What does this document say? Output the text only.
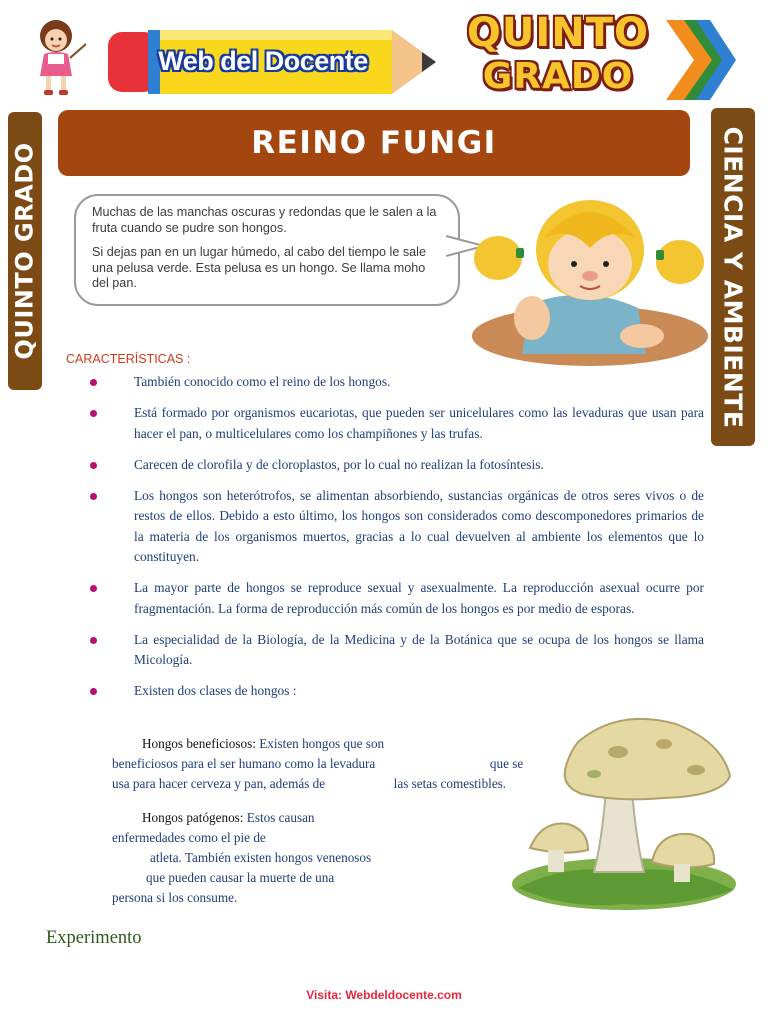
Web del Docente
QUINTO
GRADO
QUINTO GRADO	CIENCIA Y AMBIENTE
REINO FUNGI

Muchas de las manchas oscuras y redondas que le salen a la fruta cuando se pudre son hongos.

Si dejas pan en un lugar húmedo, al cabo del tiempo le sale una pelusa verde. Esta pelusa es un hongo. Se llama moho del pan.

CARACTERÍSTICAS :
También conocido como el reino de los hongos.
Está formado por organismos eucariotas, que pueden ser unicelulares como las levaduras que usan para hacer el pan, o multicelulares como los champiñones y las trufas.
Carecen de clorofila y de cloroplastos, por lo cual no realizan la fotosíntesis.
Los hongos son heterótrofos, se alimentan absorbiendo, sustancias orgánicas de otros seres vivos o de restos de ellos. Debido a esto último, los hongos son considerados como descomponedores primarios de la materia de los organismos muertos, gracias a lo cual devuelven al ambiente los elementos que lo constituyen.
La mayor parte de hongos se reproduce sexual y asexualmente. La reproducción asexual ocurre por fragmentación. La forma de reproducción más común de los hongos es por medio de esporas.
La especialidad de la Biología, de la Medicina y de la Botánica que se ocupa de los hongos se llama Micología.
Existen dos clases de hongos :
Hongos beneficiosos: Existen hongos que son
beneficiosos para el ser humano como la levadura	que se
usa para hacer cerveza y pan, además de	las setas comestibles.
Hongos patógenos: Estos causan
enfermedades como el pie de
atleta. También existen hongos venenosos
que pueden causar la muerte de una
persona si los consume.
Experimento
Visita: Webdeldocente.com
